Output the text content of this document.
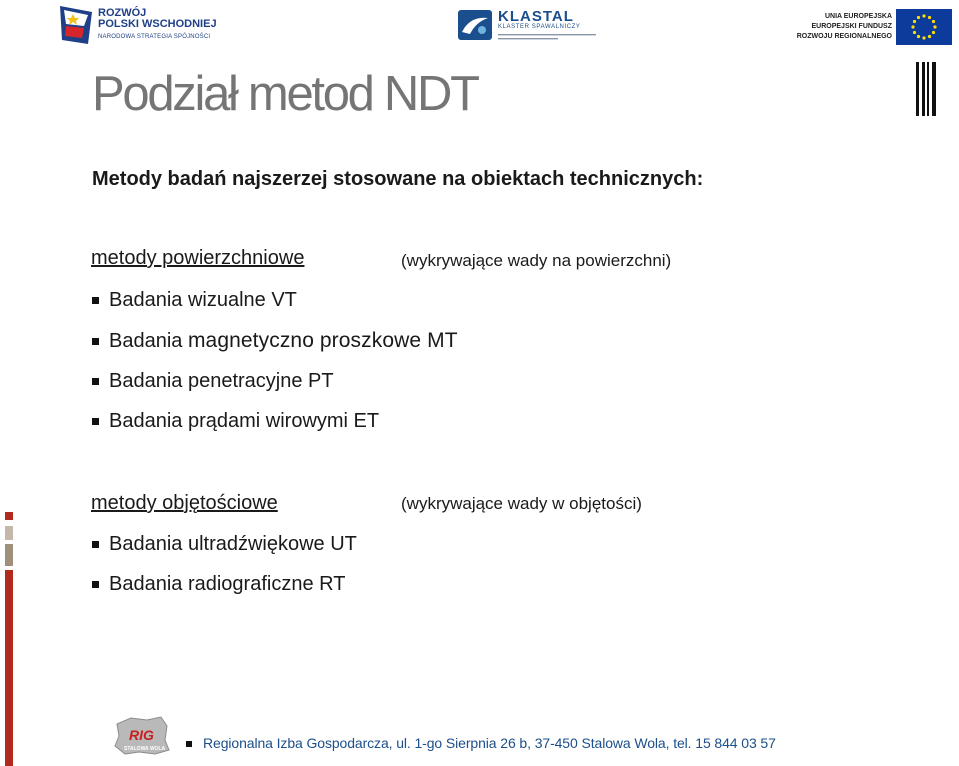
ROZWÓJ
POLSKI WSCHODNIEJ
NARODOWA STRATEGIA SPÓJNOŚCI
KLASTAL
KLASTER SPAWALNICZY
UNIA EUROPEJSKA
EUROPEJSKI FUNDUSZ
ROZWOJU REGIONALNEGO
Podział metod NDT
Metody badań najszerzej stosowane na obiektach technicznych:
metody powierzchniowe	(wykrywające wady na powierzchni)
Badania wizualne VT
Badania magnetyczno proszkowe MT
Badania penetracyjne PT
Badania prądami wirowymi ET
metody objętościowe	(wykrywające wady w objętości)
Badania ultradźwiękowe UT
Badania radiograficzne RT
RIG
STALOWA WOLA	Regionalna Izba Gospodarcza, ul. 1-go Sierpnia 26 b, 37-450 Stalowa Wola, tel. 15 844 03 57
